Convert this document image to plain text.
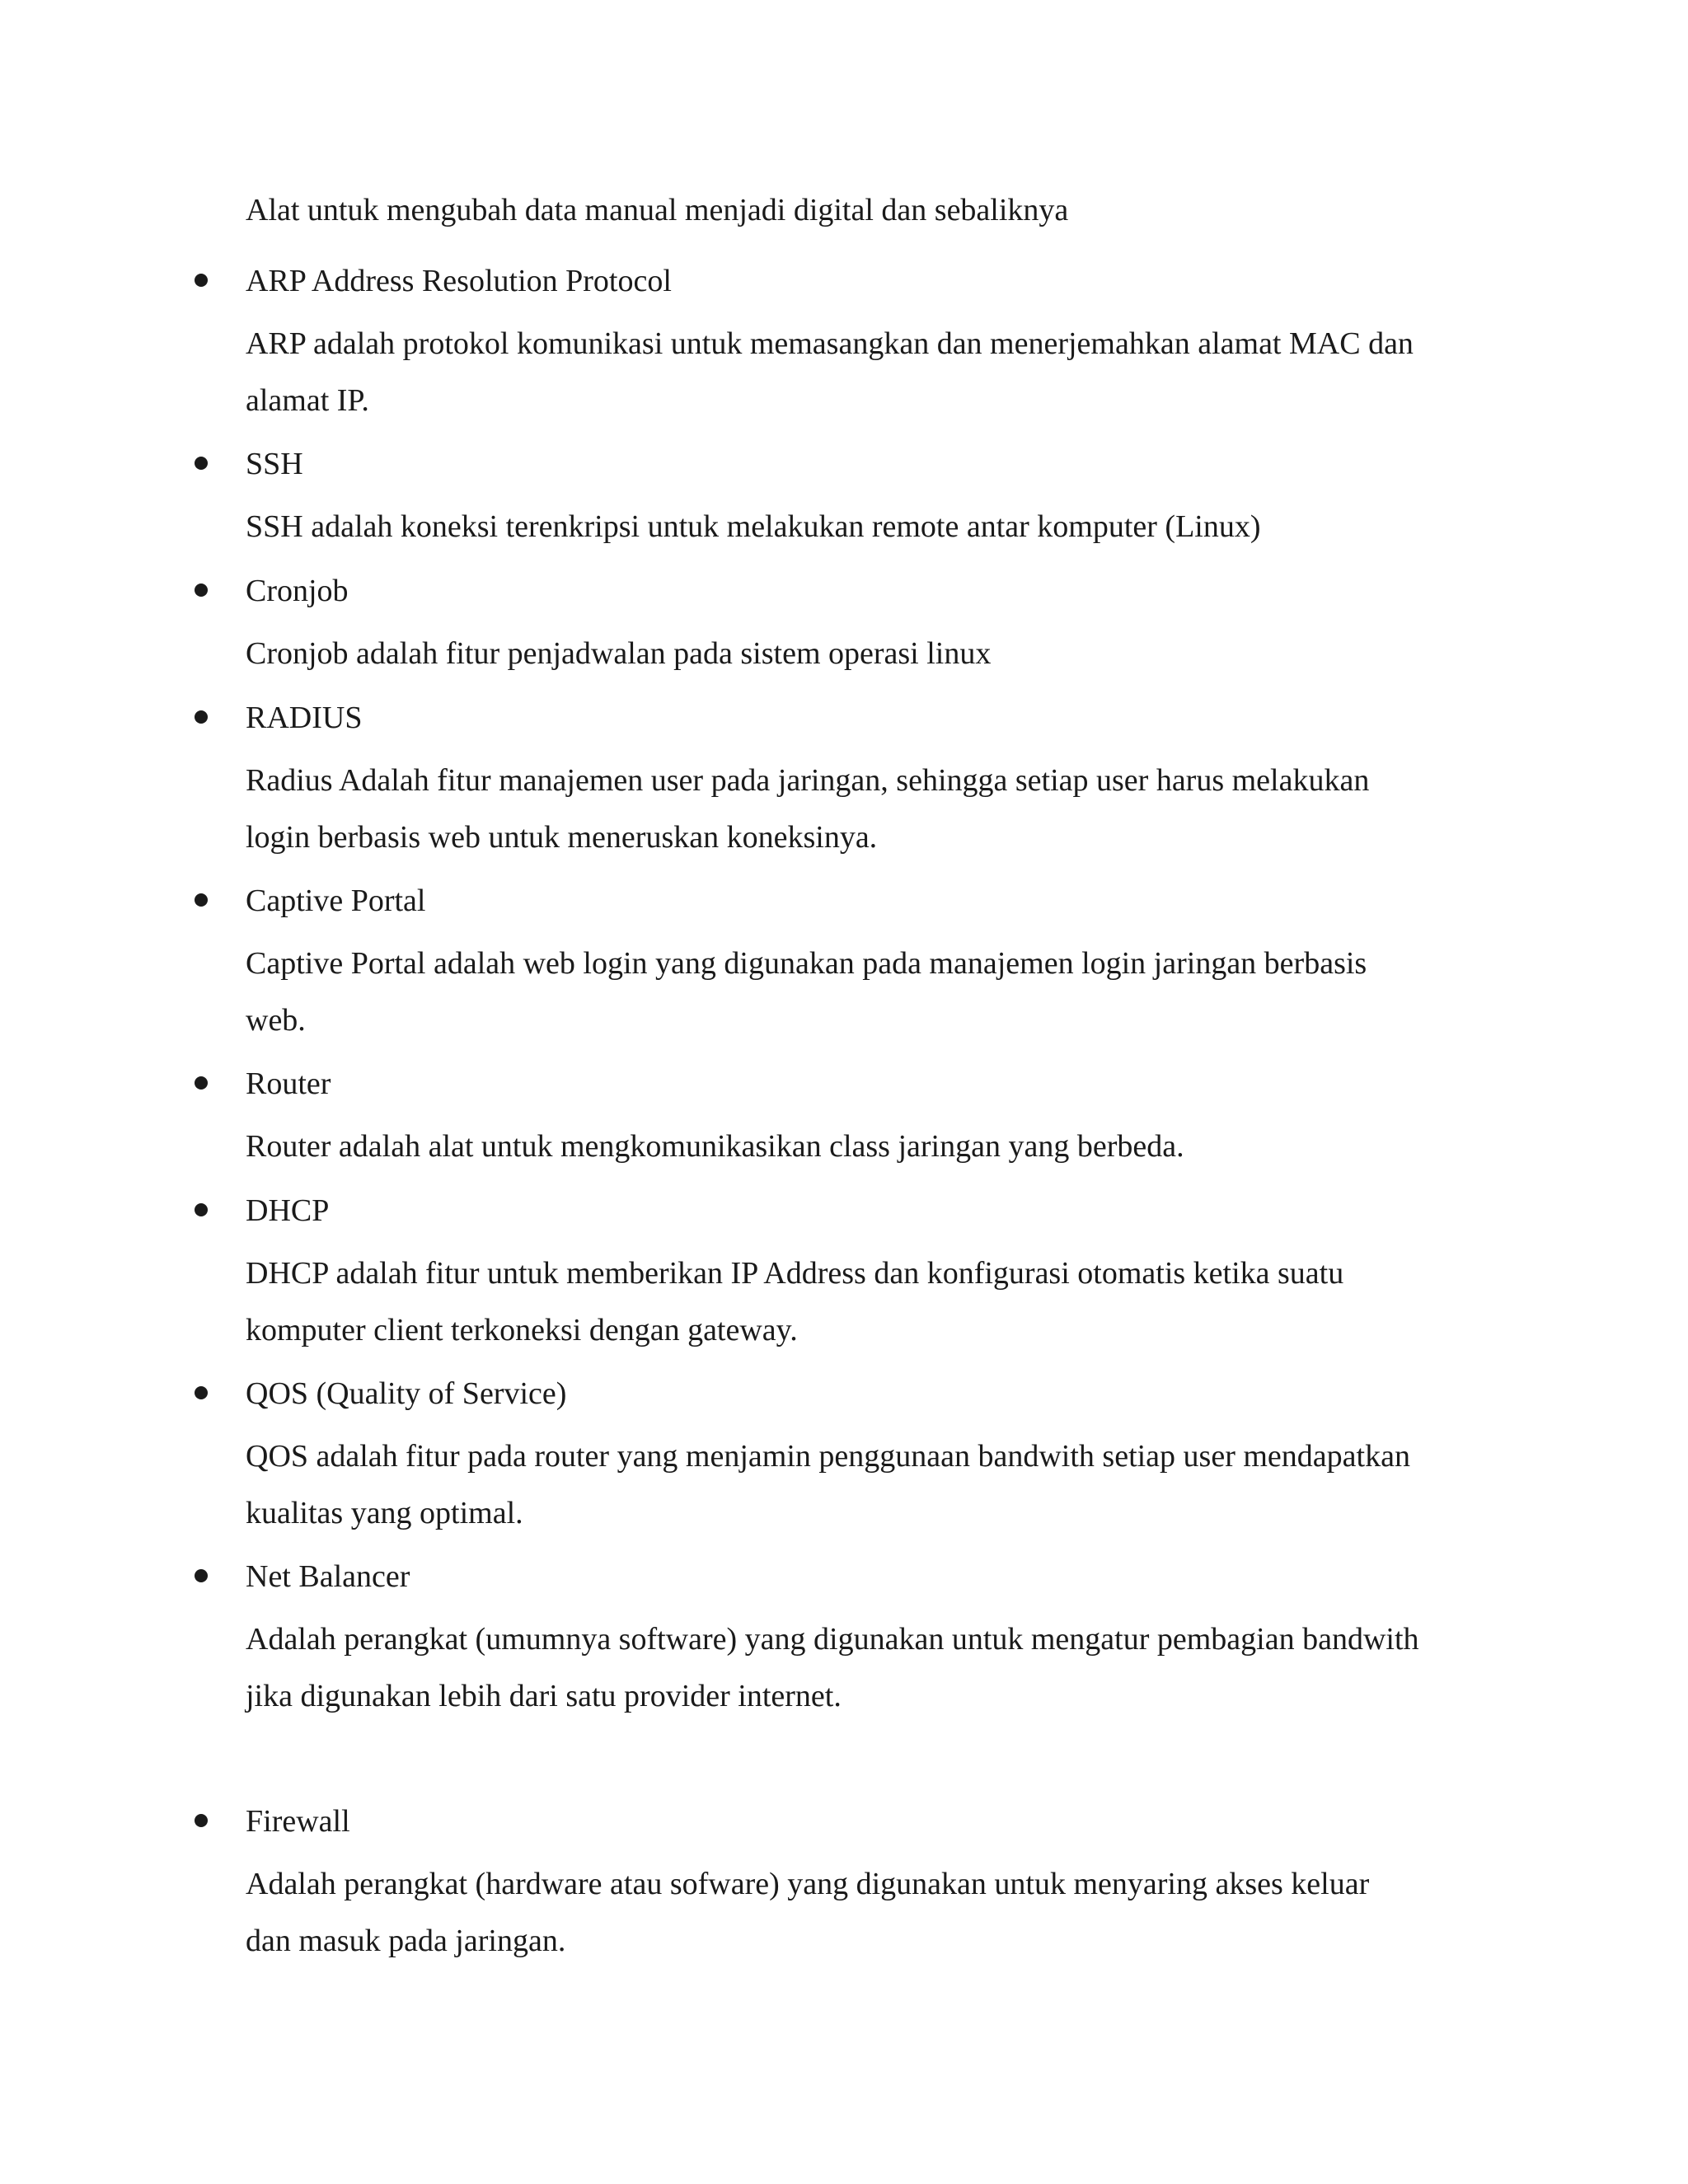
Alat untuk mengubah data manual menjadi digital dan sebaliknya
ARP Address Resolution Protocol
ARP adalah protokol komunikasi untuk memasangkan dan menerjemahkan alamat MAC dan
alamat IP.
SSH
SSH adalah koneksi terenkripsi untuk melakukan remote antar komputer (Linux)
Cronjob
Cronjob adalah fitur penjadwalan pada sistem operasi linux
RADIUS
Radius Adalah fitur manajemen user pada jaringan, sehingga setiap user harus melakukan
login berbasis web untuk meneruskan koneksinya.
Captive Portal
Captive Portal adalah web login yang digunakan pada manajemen login jaringan berbasis
web.
Router
Router adalah alat untuk mengkomunikasikan class jaringan yang berbeda.
DHCP
DHCP adalah fitur untuk memberikan IP Address dan konfigurasi otomatis ketika suatu
komputer client terkoneksi dengan gateway.
QOS (Quality of Service)
QOS adalah fitur pada router yang menjamin penggunaan bandwith setiap user mendapatkan
kualitas yang optimal.
Net Balancer
Adalah perangkat (umumnya software) yang digunakan untuk mengatur pembagian bandwith
jika digunakan lebih dari satu provider internet.
Firewall
Adalah perangkat (hardware atau sofware) yang digunakan untuk menyaring akses keluar
dan masuk pada jaringan.
